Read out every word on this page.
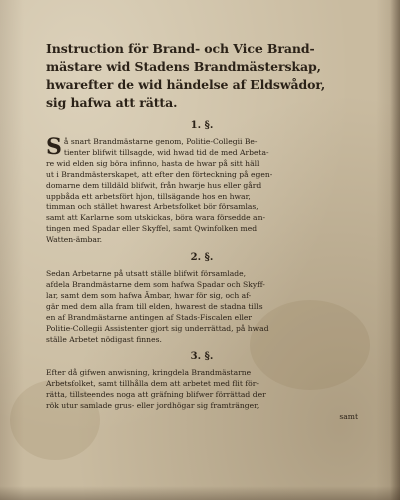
Instruction för Brand- och Vice Brand-
mästare wid Stadens Brandmästerskap,
hwarefter de wid händelse af Eldswådor,
sig hafwa att rätta.
1. §.
S å snart Brandmästarne genom, Politie-Collegii Be-
tienter blifwit tillsagde, wid hwad tid de med Arbeta-
re wid elden sig böra infinno, hasta de hwar på sitt häll
ut i Brandmästerskapet, att efter den förteckning på egen-
domarne dem tilldäld blifwit, från hwarje hus eller gård
uppbåda ett arbetsfört hjon, tillsägande hos en hwar,
timman och stället hwarest Arbetsfolket bör församlas,
samt att Karlarne som utskickas, böra wara försedde an-
tingen med Spadar eller Skyffel, samt Qwinfolken med
Watten-ämbar.
2. §.
Sedan Arbetarne på utsatt ställe blifwit församlade,
afdela Brandmästarne dem som hafwa Spadar och Skyff-
lar, samt dem som hafwa Ämbar, hwar för sig, och af-
gär med dem alla fram till elden, hwarest de stadna tills
en af Brandmästarne antingen af Stads-Fiscalen eller
Politie-Collegii Assistenter gjort sig underrättad, på hwad
ställe Arbetet nödigast finnes.
3. §.
Efter då gifwen anwisning, kringdela Brandmästarne
Arbetsfolket, samt tillhålla dem att arbetet med flit för-
rätta, tillsteendes noga att gräfning blifwer förrättad der
rök utur samlade grus- eller jordhögar sig framtränger,
samt
